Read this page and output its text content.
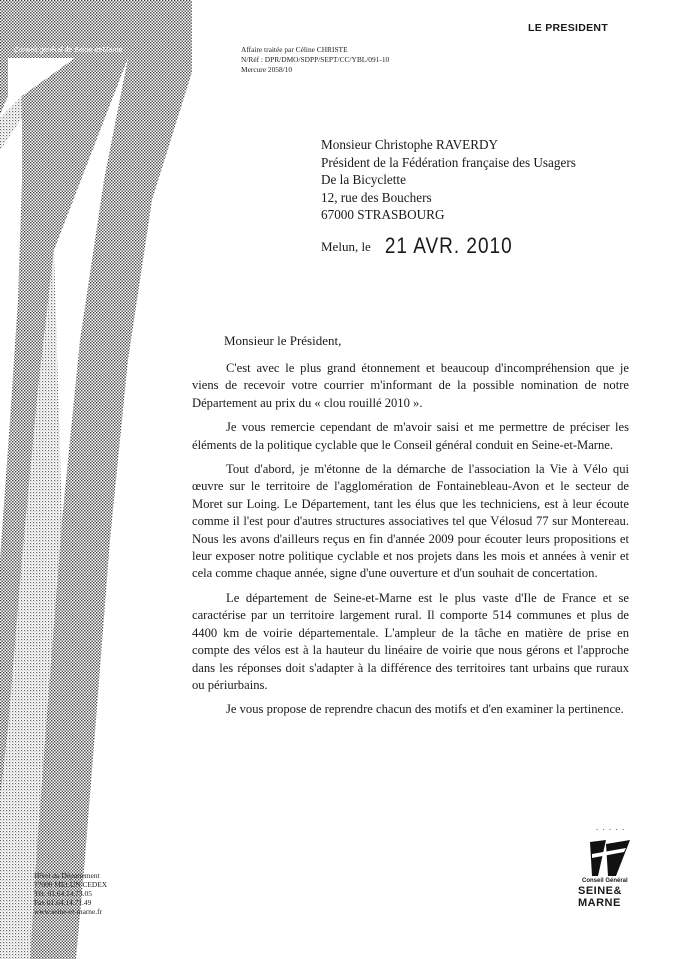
Conseil général de Seine-et-Marne
LE PRESIDENT
Affaire traitée par Céline CHRISTE
N/Réf : DPR/DMO/SDPP/SEPT/CC/YBL/091-10
Mercure 2058/10
Monsieur Christophe RAVERDY
Président de la Fédération française des Usagers
De la Bicyclette
12, rue des Bouchers
67000 STRASBOURG
Melun, le 21 AVR. 2010
Monsieur le Président,

C'est avec le plus grand étonnement et beaucoup d'incompréhension que je viens de recevoir votre courrier m'informant de la possible nomination de notre Département au prix du « clou rouillé 2010 ».

Je vous remercie cependant de m'avoir saisi et me permettre de préciser les éléments de la politique cyclable que le Conseil général conduit en Seine-et-Marne.

Tout d'abord, je m'étonne de la démarche de l'association la Vie à Vélo qui œuvre sur le territoire de l'agglomération de Fontainebleau-Avon et le secteur de Moret sur Loing. Le Département, tant les élus que les techniciens, est à leur écoute comme il l'est pour d'autres structures associatives tel que Vélosud 77 sur Montereau. Nous les avons d'ailleurs reçus en fin d'année 2009 pour écouter leurs propositions et leur exposer notre politique cyclable et nos projets dans les mois et années à venir et cela comme chaque année, signe d'une ouverture et d'un souhait de concertation.

Le département de Seine-et-Marne est le plus vaste d'Ile de France et se caractérise par un territoire largement rural. Il comporte 514 communes et plus de 4400 km de voirie départementale. L'ampleur de la tâche en matière de prise en compte des vélos est à la hauteur du linéaire de voirie que nous gérons et l'approche dans les réponses doit s'adapter à la différence des territoires tant urbains que ruraux ou périurbains.

Je vous propose de reprendre chacun des motifs et d'en examiner la pertinence.

Hôtel du Département
77000 MELUN CEDEX
Tél. 01.64.14.73.05
Fax 01.64.14.71.49
www.seine-et-marne.fr
. . . . .
Conseil Général
SEINE&
MARNE
